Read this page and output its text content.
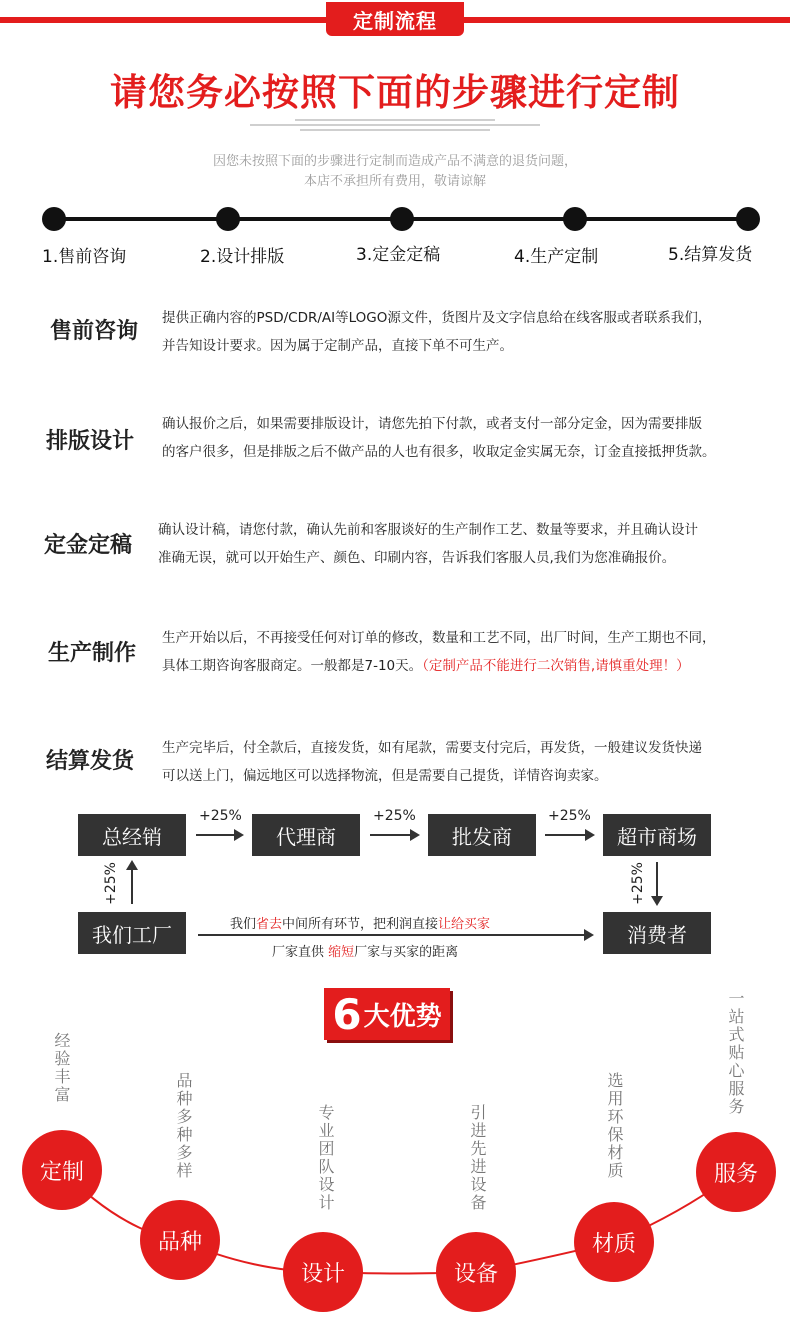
定制流程
请您务必按照下面的步骤进行定制
因您未按照下面的步骤进行定制而造成产品不满意的退货问题，
本店不承担所有费用，敬请谅解
1.售前咨询	2.设计排版	3.定金定稿	4.生产定制	5.结算发货
售前咨询
提供正确内容的PSD/CDR/AI等LOGO源文件，货图片及文字信息给在线客服或者联系我们，
并告知设计要求。因为属于定制产品，直接下单不可生产。
排版设计
确认报价之后，如果需要排版设计，请您先拍下付款，或者支付一部分定金，因为需要排版
的客户很多，但是排版之后不做产品的人也有很多，收取定金实属无奈，订金直接抵押货款。
定金定稿
确认设计稿，请您付款，确认先前和客服谈好的生产制作工艺、数量等要求，并且确认设计
准确无误，就可以开始生产、颜色、印刷内容，告诉我们客服人员,我们为您准确报价。
生产制作
生产开始以后，不再接受任何对订单的修改，数量和工艺不同，出厂时间，生产工期也不同，
具体工期咨询客服商定。一般都是7-10天。（定制产品不能进行二次销售,请慎重处理！）
结算发货
生产完毕后，付全款后，直接发货，如有尾款，需要支付完后，再发货，一般建议发货快递
可以送上门，偏远地区可以选择物流，但是需要自己提货，详情咨询卖家。
总经销	代理商	批发商	超市商场
我们工厂	消费者
+25%	+25%	+25%
+25%	+25%
我们省去中间所有环节，把利润直接让给买家
厂家直供 缩短厂家与买家的距离
6 大优势
经验丰富
品种多种多样	专业团队设计	引进先进设备	选用环保材质
一站式贴心服务
定制
品种
设计	设备
材质
服务
